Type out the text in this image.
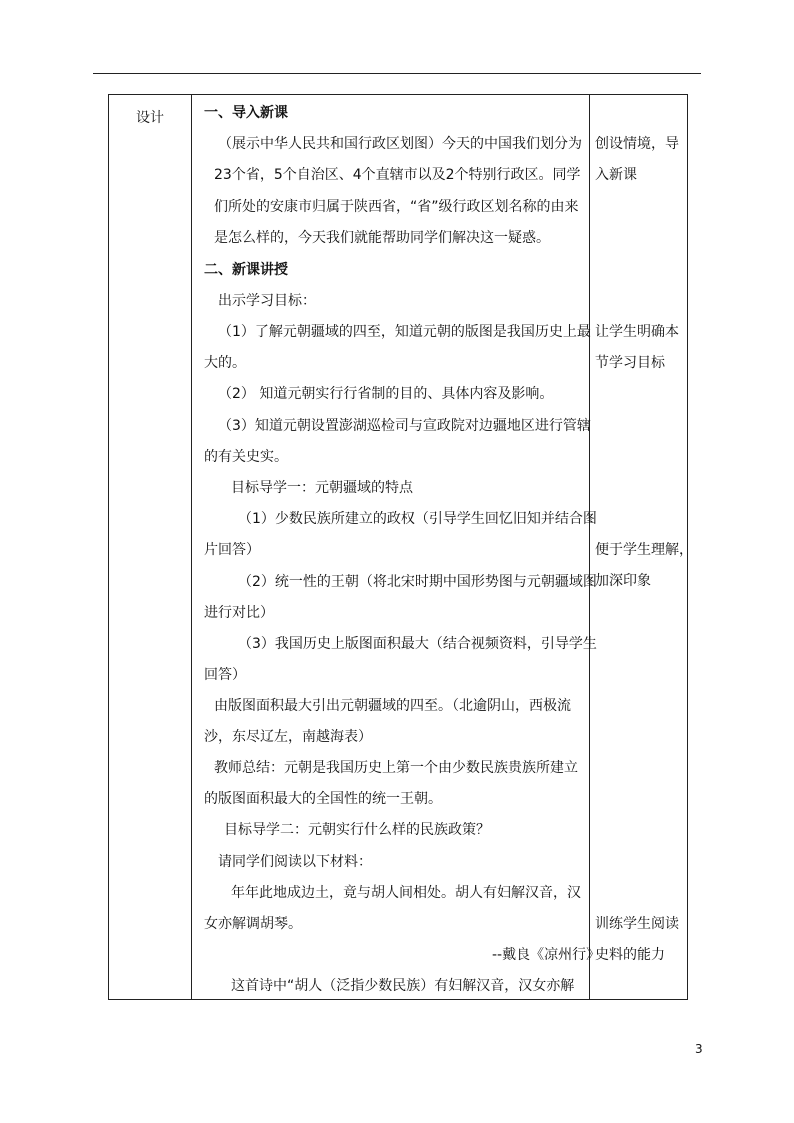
设计	一、导入新课
（展示中华人民共和国行政区划图）今天的中国我们划分为
23个省，5个自治区、4个直辖市以及2个特别行政区。同学
们所处的安康市归属于陕西省，“省”级行政区划名称的由来
是怎么样的，今天我们就能帮助同学们解决这一疑惑。
二、新课讲授
出示学习目标：
（1）了解元朝疆域的四至，知道元朝的版图是我国历史上最
大的。
（2） 知道元朝实行行省制的目的、具体内容及影响。
（3）知道元朝设置澎湖巡检司与宣政院对边疆地区进行管辖
的有关史实。
目标导学一：元朝疆域的特点
（1）少数民族所建立的政权（引导学生回忆旧知并结合图
片回答）
（2）统一性的王朝（将北宋时期中国形势图与元朝疆域图
进行对比）
（3）我国历史上版图面积最大（结合视频资料，引导学生
回答）
由版图面积最大引出元朝疆域的四至。（北逾阴山，西极流
沙，东尽辽左，南越海表）
教师总结：元朝是我国历史上第一个由少数民族贵族所建立
的版图面积最大的全国性的统一王朝。
目标导学二：元朝实行什么样的民族政策？
请同学们阅读以下材料：
年年此地成边土，竟与胡人间相处。胡人有妇解汉音，汉
女亦解调胡琴。
--戴良《凉州行》
这首诗中“胡人（泛指少数民族）有妇解汉音，汉女亦解
创设情境，导
入新课
让学生明确本
节学习目标
便于学生理解，
加深印象
训练学生阅读
史料的能力
3
